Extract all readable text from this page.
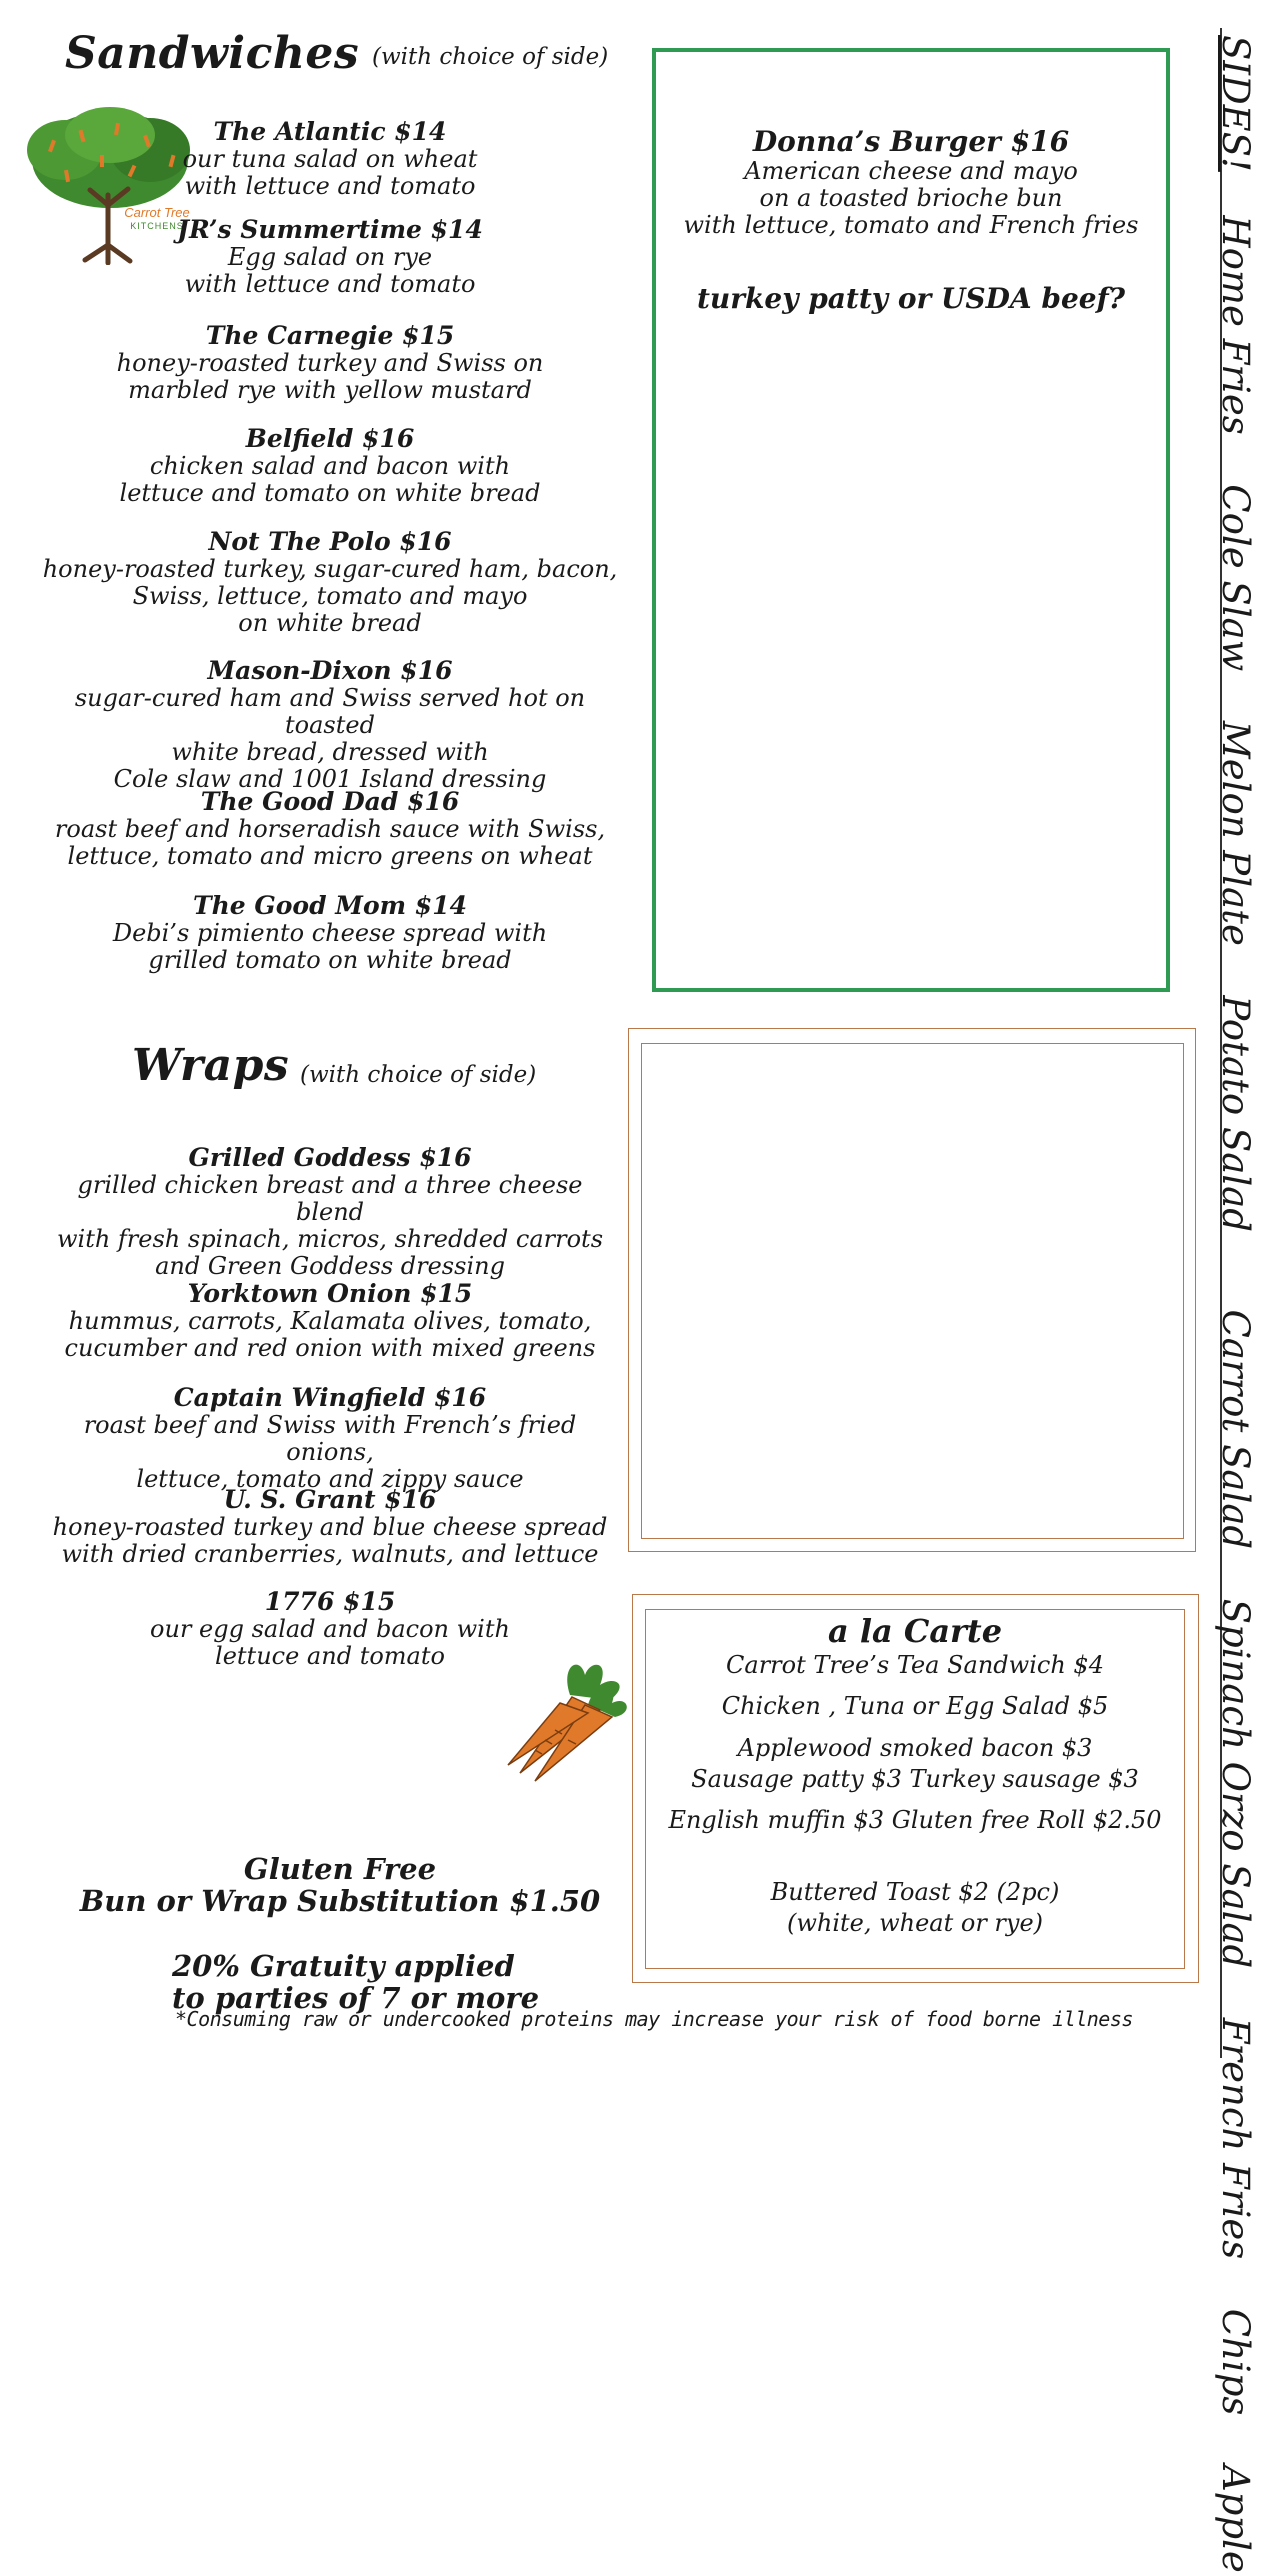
Sandwiches (with choice of side)
Carrot Tree
KITCHENS
The Atlantic $14
our tuna salad on wheat
with lettuce and tomato
JR’s Summertime $14
Egg salad on rye
with lettuce and tomato
The Carnegie $15
honey-roasted turkey and Swiss on
marbled rye with yellow mustard
Belfield $16
chicken salad and bacon with
lettuce and tomato on white bread
Not The Polo $16
honey-roasted turkey, sugar-cured ham, bacon,
Swiss, lettuce, tomato and mayo
on white bread
Mason-Dixon $16
sugar-cured ham and Swiss served hot on toasted
white bread, dressed with
Cole slaw and 1001 Island dressing
The Good Dad $16
roast beef and horseradish sauce with Swiss,
lettuce, tomato and micro greens on wheat
The Good Mom $14
Debi’s pimiento cheese spread with
grilled tomato on white bread
Donna’s Burger $16
American cheese and mayo
on a toasted brioche bun
with lettuce, tomato and French fries
turkey patty or USDA beef?
Wraps (with choice of side)
Grilled Goddess $16
grilled chicken breast and a three cheese blend
with fresh spinach, micros, shredded carrots
and Green Goddess dressing
Yorktown Onion $15
hummus, carrots, Kalamata olives, tomato,
cucumber and red onion with mixed greens
Captain Wingfield $16
roast beef and Swiss with French’s fried onions,
lettuce, tomato and zippy sauce
U. S. Grant $16
honey-roasted turkey and blue cheese spread
with dried cranberries, walnuts, and lettuce
1776 $15
our egg salad and bacon with
lettuce and tomato
a la Carte
Carrot Tree’s Tea Sandwich $4
Chicken , Tuna or Egg Salad $5
Applewood smoked bacon $3
Sausage patty $3 Turkey sausage $3
English muffin $3 Gluten free Roll $2.50
Buttered Toast $2 (2pc)
(white, wheat or rye)
Gluten Free
Bun or Wrap Substitution $1.50
20% Gratuity applied
to parties of 7 or more
*Consuming raw or undercooked proteins may increase your risk of food borne illness
SIDES!  Home Fries  Cole Slaw  Melon Plate  Potato Salad  Carrot Salad  Spinach Orzo Salad  French Fries  Chips  Apple
